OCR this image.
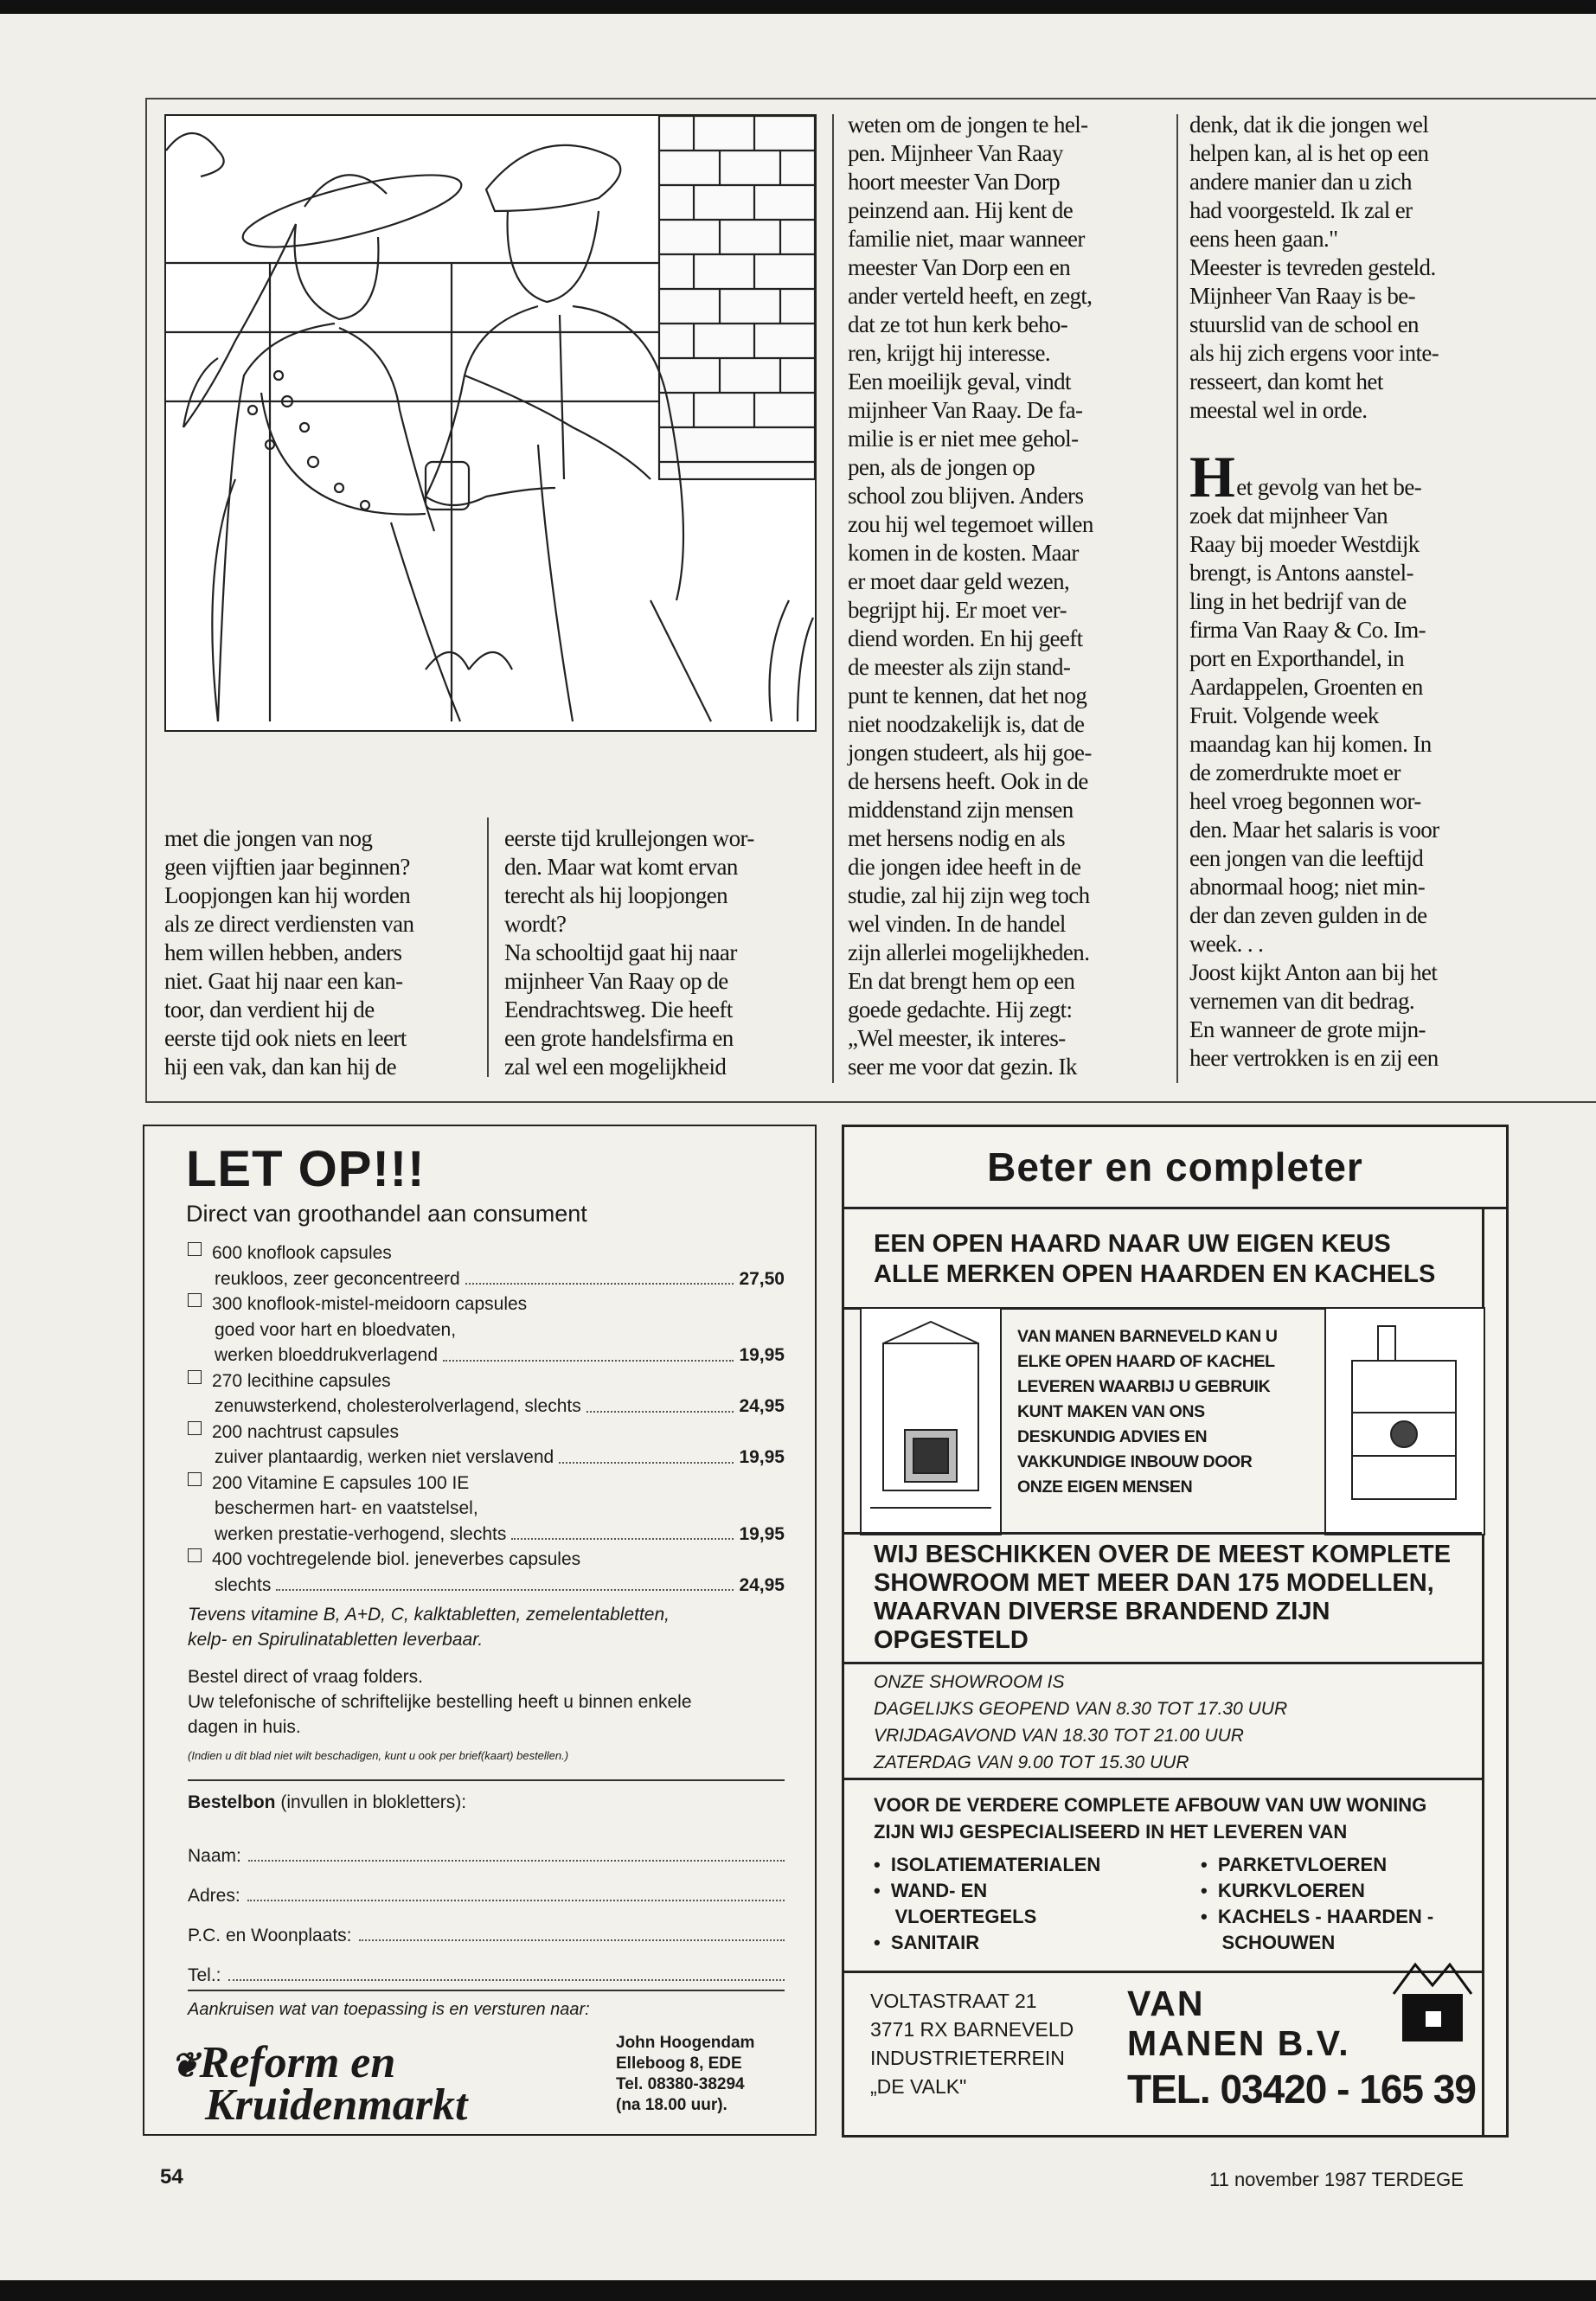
met die jongen van nog
geen vijftien jaar beginnen?
Loopjongen kan hij worden
als ze direct verdiensten van
hem willen hebben, anders
niet. Gaat hij naar een kan-
toor, dan verdient hij de
eerste tijd ook niets en leert
hij een vak, dan kan hij de
eerste tijd krullejongen wor-
den. Maar wat komt ervan
terecht als hij loopjongen
wordt?
Na schooltijd gaat hij naar
mijnheer Van Raay op de
Eendrachtsweg. Die heeft
een grote handelsfirma en
zal wel een mogelijkheid
weten om de jongen te hel-
pen. Mijnheer Van Raay
hoort meester Van Dorp
peinzend aan. Hij kent de
familie niet, maar wanneer
meester Van Dorp een en
ander verteld heeft, en zegt,
dat ze tot hun kerk beho-
ren, krijgt hij interesse.
Een moeilijk geval, vindt
mijnheer Van Raay. De fa-
milie is er niet mee gehol-
pen, als de jongen op
school zou blijven. Anders
zou hij wel tegemoet willen
komen in de kosten. Maar
er moet daar geld wezen,
begrijpt hij. Er moet ver-
diend worden. En hij geeft
de meester als zijn stand-
punt te kennen, dat het nog
niet noodzakelijk is, dat de
jongen studeert, als hij goe-
de hersens heeft. Ook in de
middenstand zijn mensen
met hersens nodig en als
die jongen idee heeft in de
studie, zal hij zijn weg toch
wel vinden. In de handel
zijn allerlei mogelijkheden.
En dat brengt hem op een
goede gedachte. Hij zegt:
„Wel meester, ik interes-
seer me voor dat gezin. Ik
denk, dat ik die jongen wel
helpen kan, al is het op een
andere manier dan u zich
had voorgesteld. Ik zal er
eens heen gaan."
Meester is tevreden gesteld.
Mijnheer Van Raay is be-
stuurslid van de school en
als hij zich ergens voor inte-
resseert, dan komt het
meestal wel in orde.
H et gevolg van het be-
zoek dat mijnheer Van
Raay bij moeder Westdijk
brengt, is Antons aanstel-
ling in het bedrijf van de
firma Van Raay & Co. Im-
port en Exporthandel, in
Aardappelen, Groenten en
Fruit. Volgende week
maandag kan hij komen. In
de zomerdrukte moet er
heel vroeg begonnen wor-
den. Maar het salaris is voor
een jongen van die leeftijd
abnormaal hoog; niet min-
der dan zeven gulden in de
week. . .
Joost kijkt Anton aan bij het
vernemen van dit bedrag.
En wanneer de grote mijn-
heer vertrokken is en zij een
LET OP!!!
Direct van groothandel aan consument
600 knoflook capsules
reukloos, zeer geconcentreerd	27,50
300 knoflook-mistel-meidoorn capsules
goed voor hart en bloedvaten,
werken bloeddrukverlagend	19,95
270 lecithine capsules
zenuwsterkend, cholesterolverlagend, slechts	24,95
200 nachtrust capsules
zuiver plantaardig, werken niet verslavend	19,95
200 Vitamine E capsules 100 IE
beschermen hart- en vaatstelsel,
werken prestatie-verhogend, slechts	19,95
400 vochtregelende biol. jeneverbes capsules
slechts	24,95
Tevens vitamine B, A+D, C, kalktabletten, zemelentabletten,
kelp- en Spirulinatabletten leverbaar.
Bestel direct of vraag folders.
Uw telefonische of schriftelijke bestelling heeft u binnen enkele
dagen in huis.
(Indien u dit blad niet wilt beschadigen, kunt u ook per brief(kaart) bestellen.)
Bestelbon (invullen in blokletters):
Naam:
Adres:
P.C. en Woonplaats:
Tel.:
Aankruisen wat van toepassing is en versturen naar:
❦Reform en
Kruidenmarkt
John Hoogendam
Elleboog 8, EDE
Tel. 08380-38294
(na 18.00 uur).
Beter en completer
EEN OPEN HAARD NAAR UW EIGEN KEUS
ALLE MERKEN OPEN HAARDEN EN KACHELS
VAN MANEN BARNEVELD KAN U
ELKE OPEN HAARD OF KACHEL
LEVEREN WAARBIJ U GEBRUIK
KUNT MAKEN VAN ONS
DESKUNDIG ADVIES EN
VAKKUNDIGE INBOUW DOOR
ONZE EIGEN MENSEN
WIJ BESCHIKKEN OVER DE MEEST KOMPLETE
SHOWROOM MET MEER DAN 175 MODELLEN,
WAARVAN DIVERSE BRANDEND ZIJN
OPGESTELD
ONZE SHOWROOM IS
DAGELIJKS GEOPEND VAN 8.30 TOT 17.30 UUR
VRIJDAGAVOND VAN 18.30 TOT 21.00 UUR
ZATERDAG VAN 9.00 TOT 15.30 UUR
VOOR DE VERDERE COMPLETE AFBOUW VAN UW WONING
ZIJN WIJ GESPECIALISEERD IN HET LEVEREN VAN
•  ISOLATIEMATERIALEN
•  WAND- EN
VLOERTEGELS
•  SANITAIR
•  PARKETVLOEREN
•  KURKVLOEREN
•  KACHELS - HAARDEN -
SCHOUWEN
VOLTASTRAAT 21
3771 RX BARNEVELD
INDUSTRIETERREIN
„DE VALK"
VAN
MANEN B.V.
TEL. 03420 - 165 39
54	11 november 1987 TERDEGE
